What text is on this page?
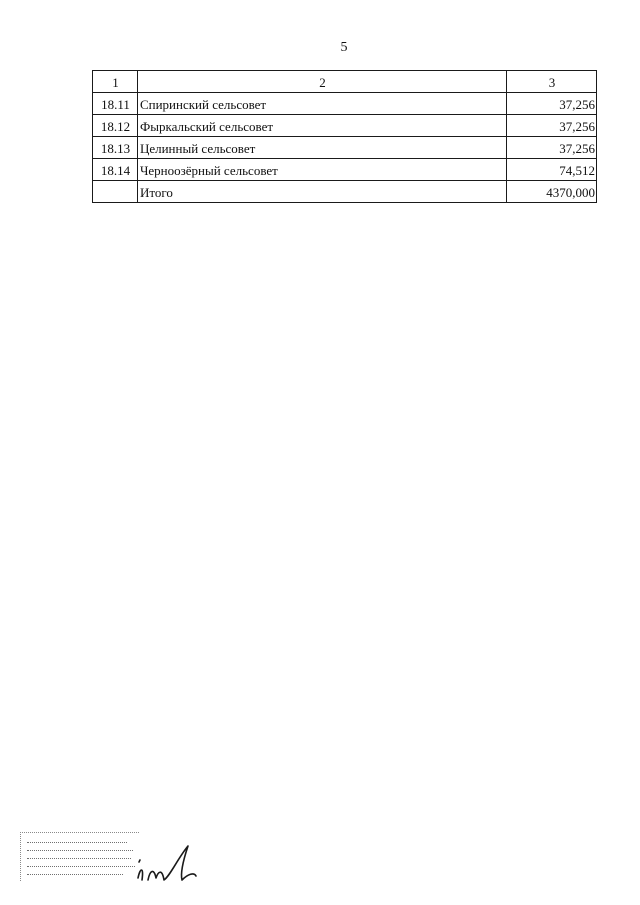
5
1	2	3
18.11	Спиринский сельсовет	37,256
18.12	Фыркальский сельсовет	37,256
18.13	Целинный сельсовет	37,256
18.14	Черноозёрный сельсовет	74,512
	Итого	4370,000
